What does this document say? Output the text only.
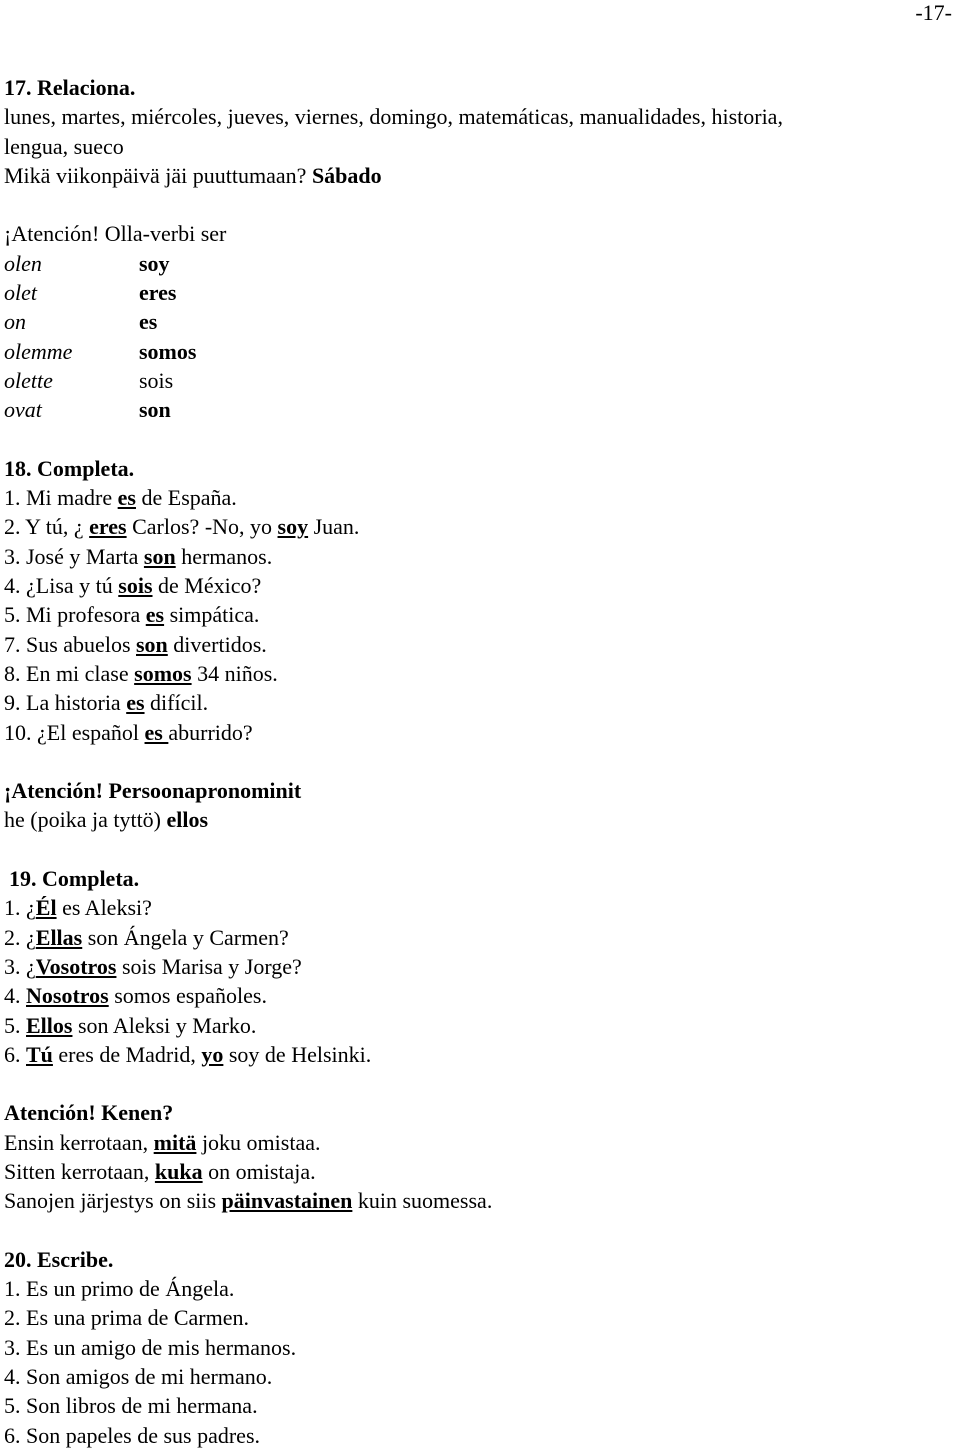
-17-
17. Relaciona.
lunes, martes, miércoles, jueves, viernes, domingo, matemáticas, manualidades, historia,
lengua, sueco
Mikä viikonpäivä jäi puuttumaan? Sábado
¡Atención! Olla-verbi ser
olen	soy
olet	eres
on	es
olemme	somos
olette	sois
ovat	son
18. Completa.
1. Mi madre es de España.
2. Y tú, ¿ eres Carlos? -No, yo soy Juan.
3. José y Marta son hermanos.
4. ¿Lisa y tú sois de México?
5. Mi profesora es simpática.
7. Sus abuelos son divertidos.
8. En mi clase somos 34 niños.
9. La historia es difícil.
10. ¿El español es aburrido?
¡Atención! Persoonapronominit
he (poika ja tyttö) ellos
19. Completa.
1. ¿Él es Aleksi?
2. ¿Ellas son Ángela y Carmen?
3. ¿Vosotros sois Marisa y Jorge?
4. Nosotros somos españoles.
5. Ellos son Aleksi y Marko.
6. Tú eres de Madrid, yo soy de Helsinki.
Atención! Kenen?
Ensin kerrotaan, mitä joku omistaa.
Sitten kerrotaan, kuka on omistaja.
Sanojen järjestys on siis päinvastainen kuin suomessa.
20. Escribe.
1. Es un primo de Ángela.
2. Es una prima de Carmen.
3. Es un amigo de mis hermanos.
4. Son amigos de mi hermano.
5. Son libros de mi hermana.
6. Son papeles de sus padres.
